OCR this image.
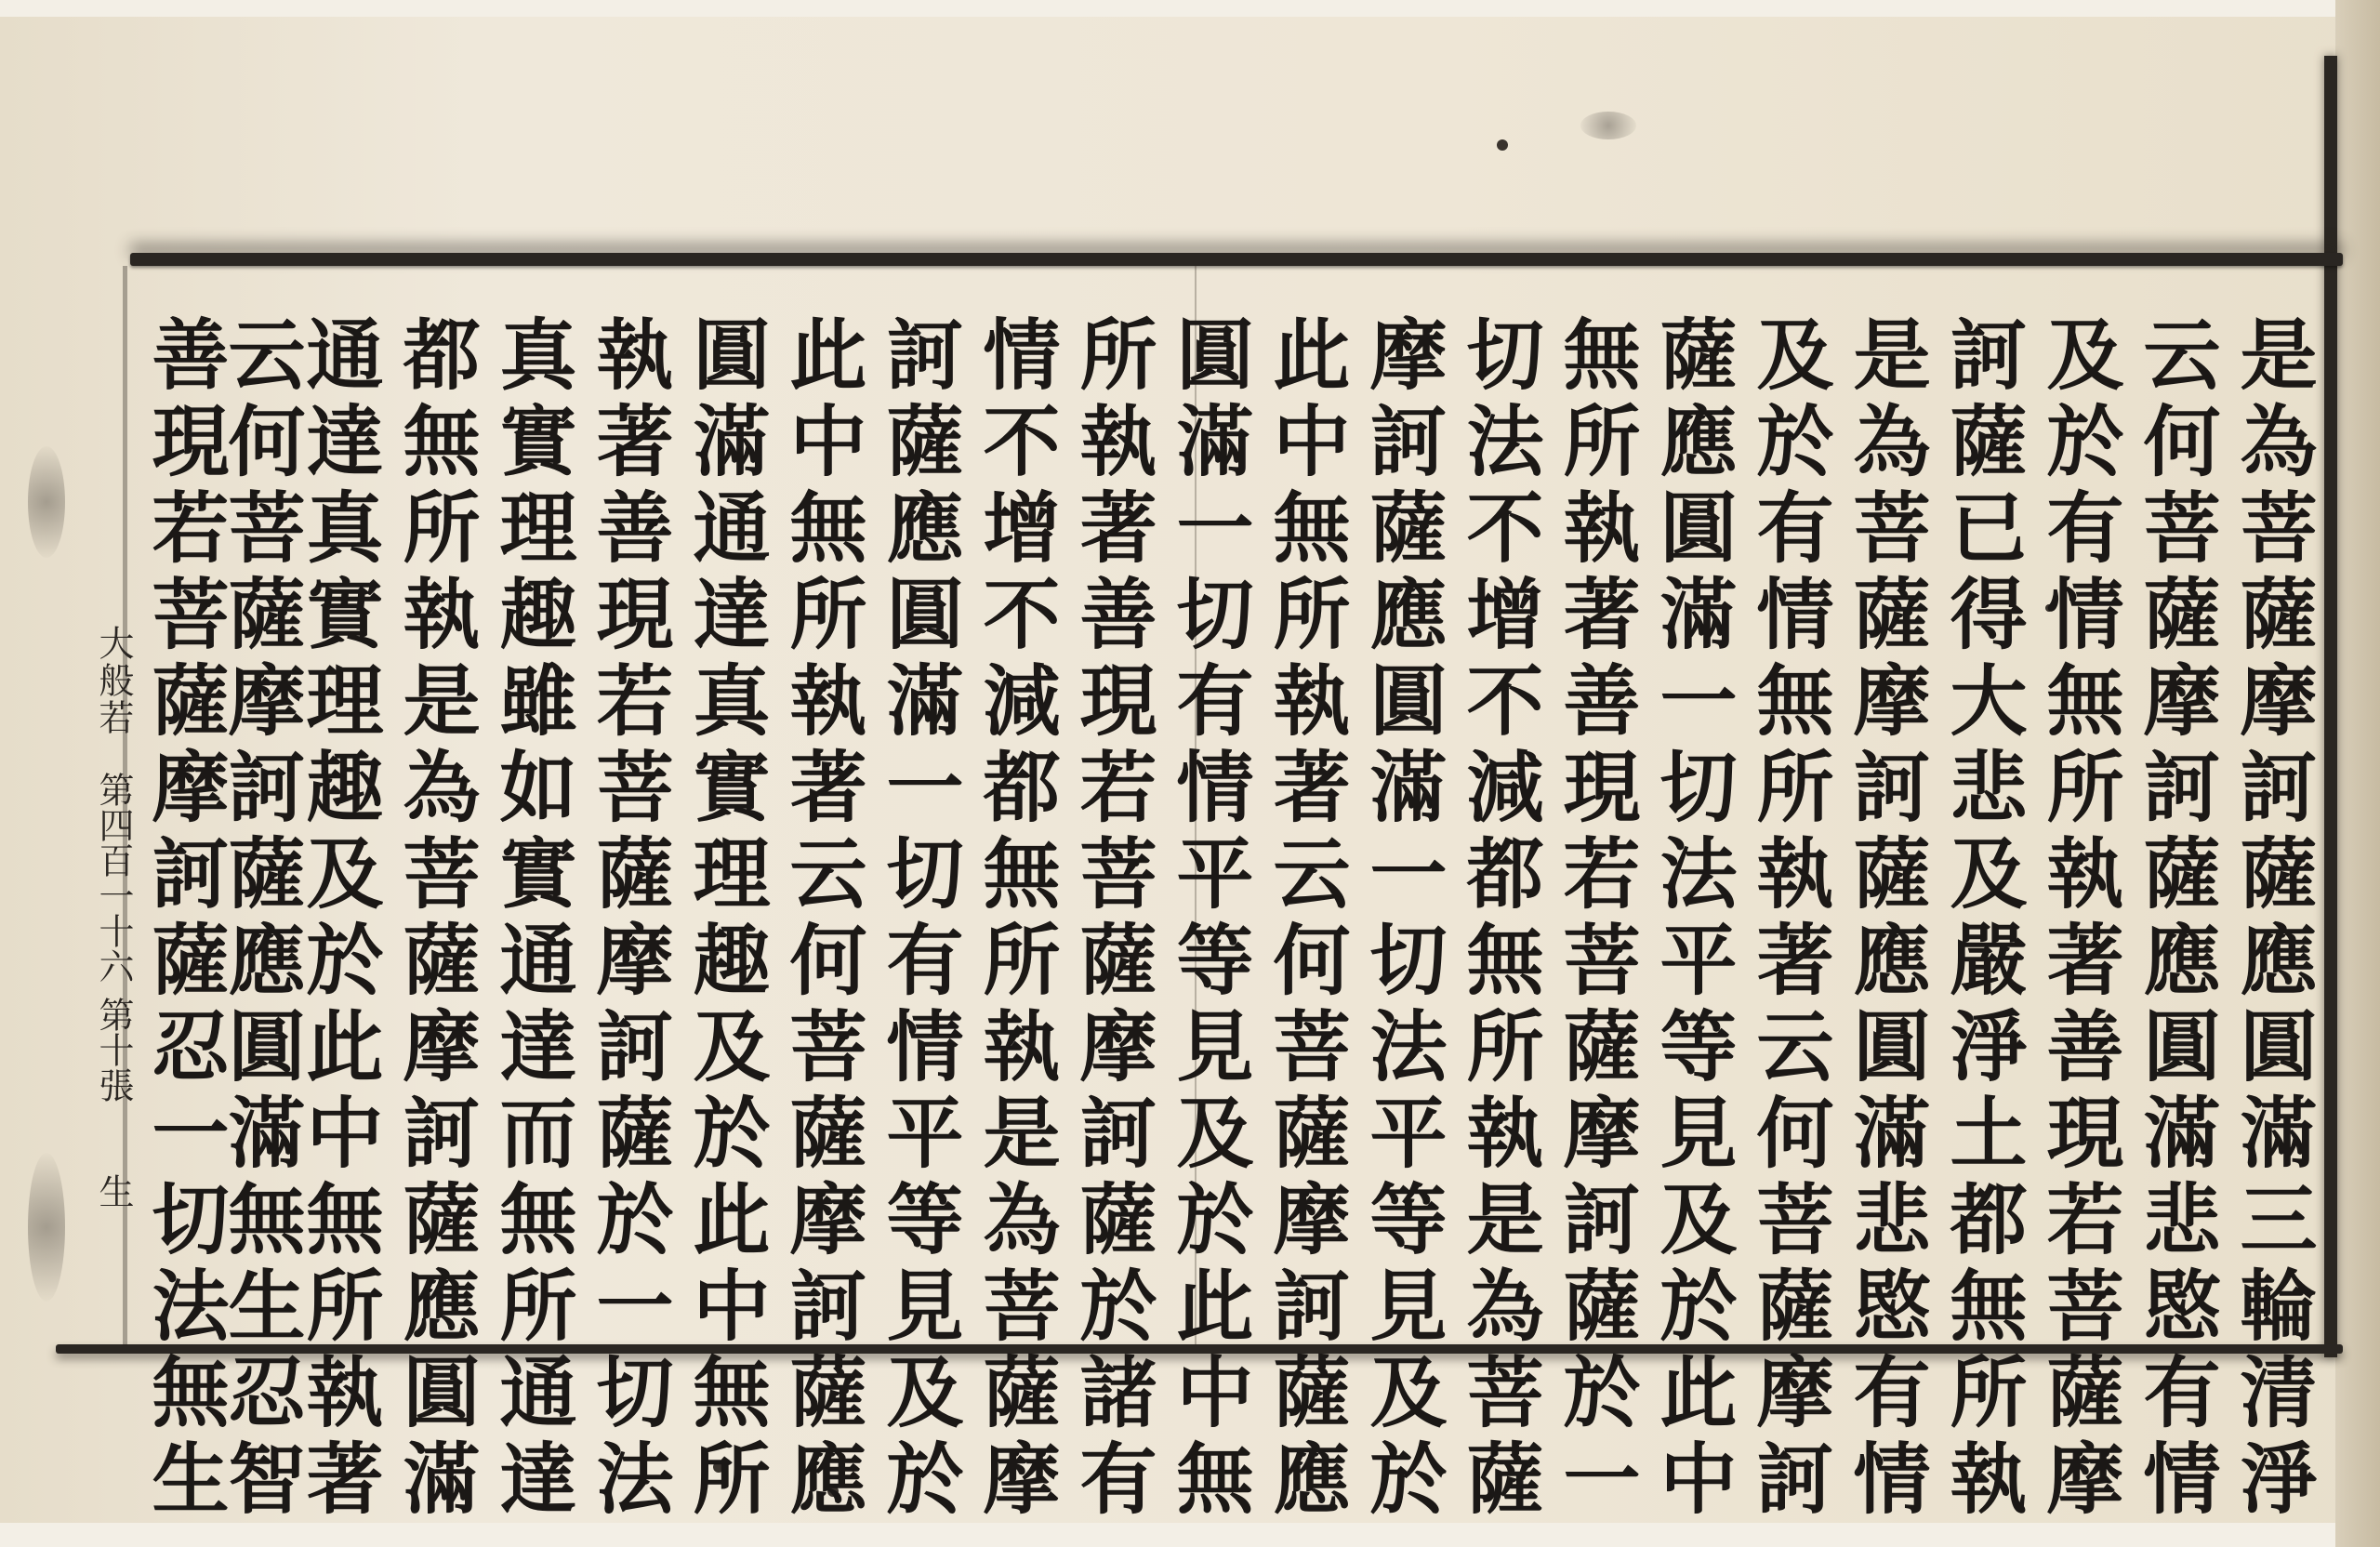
是為菩薩摩訶薩應圓滿三輪清淨
云何菩薩摩訶薩應圓滿悲愍有情
及於有情無所執著善現若菩薩摩
訶薩已得大悲及嚴淨土都無所執
是為菩薩摩訶薩應圓滿悲愍有情
及於有情無所執著云何菩薩摩訶
薩應圓滿一切法平等見及於此中
無所執著善現若菩薩摩訶薩於一
切法不增不減都無所執是為菩薩
摩訶薩應圓滿一切法平等見及於
此中無所執著云何菩薩摩訶薩應
圓滿一切有情平等見及於此中無
所執著善現若菩薩摩訶薩於諸有
情不增不減都無所執是為菩薩摩
訶薩應圓滿一切有情平等見及於
此中無所執著云何菩薩摩訶薩應
圓滿通達真實理趣及於此中無所
執著善現若菩薩摩訶薩於一切法
真實理趣雖如實通達而無所通達
都無所執是為菩薩摩訶薩應圓滿
通達真實理趣及於此中無所執著
云何菩薩摩訶薩應圓滿無生忍智
善現若菩薩摩訶薩忍一切法無生
大般若
第四百一十六
第十張
生
